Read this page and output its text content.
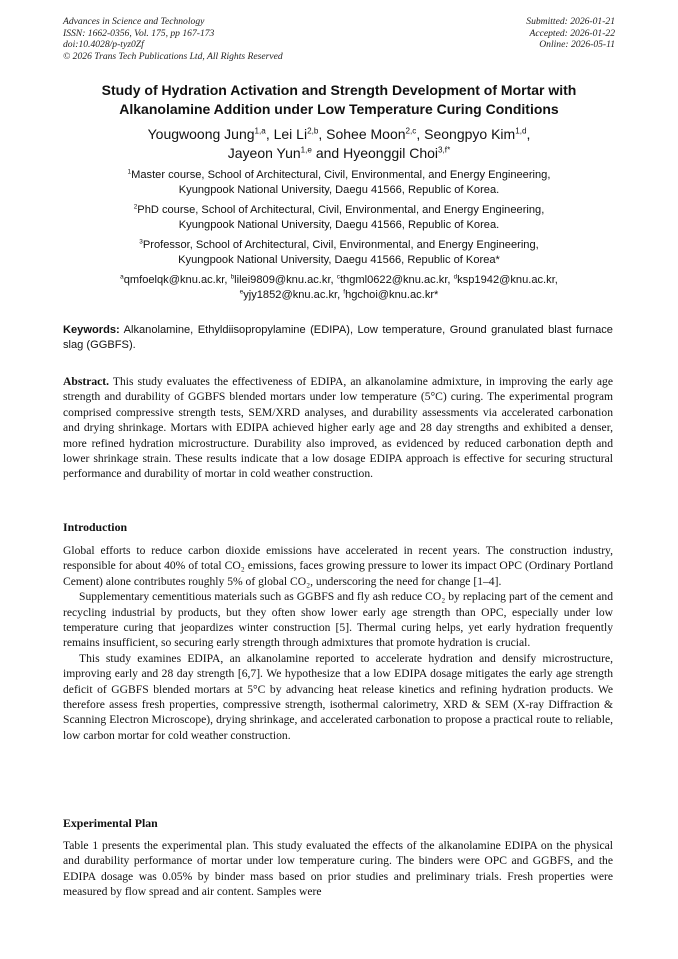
Advances in Science and Technology
ISSN: 1662-0356, Vol. 175, pp 167-173
doi:10.4028/p-tyz0Zf
© 2026 Trans Tech Publications Ltd, All Rights Reserved
Submitted: 2026-01-21
Accepted: 2026-01-22
Online: 2026-05-11
Study of Hydration Activation and Strength Development of Mortar with
Alkanolamine Addition under Low Temperature Curing Conditions
Yougwoong Jung$^{1,a}$, Lei Li$^{2,b}$, Sohee Moon$^{2,c}$, Seongpyo Kim$^{1,d}$,
Jayeon Yun$^{1,e}$ and Hyeonggil Choi$^{3,f*}$
$^1$Master course, School of Architectural, Civil, Environmental, and Energy Engineering,
Kyungpook National University, Daegu 41566, Republic of Korea.
$^2$PhD course, School of Architectural, Civil, Environmental, and Energy Engineering,
Kyungpook National University, Daegu 41566, Republic of Korea.
$^3$Professor, School of Architectural, Civil, Environmental, and Energy Engineering,
Kyungpook National University, Daegu 41566, Republic of Korea*
$^a$qmfoelqk@knu.ac.kr, $^b$lilei9809@knu.ac.kr, $^c$thgml0622@knu.ac.kr, $^d$ksp1942@knu.ac.kr,
$^e$yjy1852@knu.ac.kr, $^f$hgchoi@knu.ac.kr*
Keywords: Alkanolamine, Ethyldiisopropylamine (EDIPA), Low temperature, Ground granulated blast furnace slag (GGBFS).

Abstract. This study evaluates the effectiveness of EDIPA, an alkanolamine admixture, in improving the early age strength and durability of GGBFS blended mortars under low temperature (5°C) curing. The experimental program comprised compressive strength tests, SEM/XRD analyses, and durability assessments via accelerated carbonation and drying shrinkage. Mortars with EDIPA achieved higher early age and 28 day strengths and exhibited a denser, more refined hydration microstructure. Durability also improved, as evidenced by reduced carbonation depth and lower shrinkage strain. These results indicate that a low dosage EDIPA approach is effective for securing structural performance and durability of mortar in cold weather construction.

Introduction

Global efforts to reduce carbon dioxide emissions have accelerated in recent years. The construction industry, responsible for about 40% of total CO₂ emissions, faces growing pressure to lower its impact OPC (Ordinary Portland Cement) alone contributes roughly 5% of global CO₂, underscoring the need for change [1–4].

Supplementary cementitious materials such as GGBFS and fly ash reduce CO₂ by replacing part of the cement and recycling industrial by products, but they often show lower early age strength than OPC, especially under low temperature curing that jeopardizes winter construction [5]. Thermal curing helps, yet early hydration frequently remains insufficient, so securing early strength through admixtures that promote hydration is crucial.

This study examines EDIPA, an alkanolamine reported to accelerate hydration and densify microstructure, improving early and 28 day strength [6,7]. We hypothesize that a low EDIPA dosage mitigates the early age strength deficit of GGBFS blended mortars at 5°C by advancing heat release kinetics and refining hydration products. We therefore assess fresh properties, compressive strength, isothermal calorimetry, XRD & SEM (X-ray Diffraction & Scanning Electron Microscope), drying shrinkage, and accelerated carbonation to propose a practical route to reliable, low carbon mortar for cold weather construction.

Experimental Plan

Table 1 presents the experimental plan. This study evaluated the effects of the alkanolamine EDIPA on the physical and durability performance of mortar under low temperature curing. The binders were OPC and GGBFS, and the EDIPA dosage was 0.05% by binder mass based on prior studies and preliminary trials. Fresh properties were measured by flow spread and air content. Samples were
